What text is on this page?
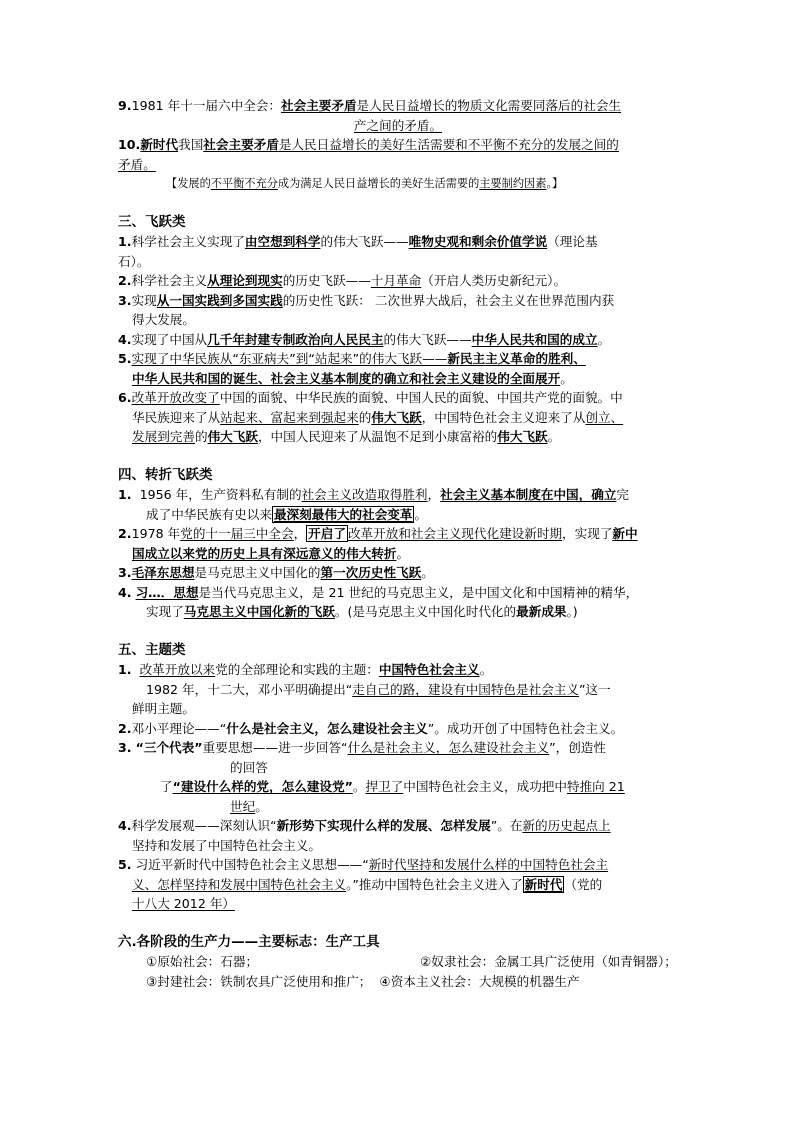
9.1981 年十一届六中全会：社会主要矛盾是人民日益增长的物质文化需要同落后的社会生

产之间的矛盾。

10.新时代我国社会主要矛盾是人民日益增长的美好生活需要和不平衡不充分的发展之间的

矛盾。

【发展的不平衡不充分成为满足人民日益增长的美好生活需要的主要制约因素。】

三、飞跃类

1.科学社会主义实现了由空想到科学的伟大飞跃——唯物史观和剩余价值学说（理论基

石）。

2.科学社会主义从理论到现实的历史飞跃——十月革命（开启人类历史新纪元）。

3.实现从一国实践到多国实践的历史性飞跃： 二次世界大战后，社会主义在世界范围内获

得大发展。

4.实现了中国从几千年封建专制政治向人民民主的伟大飞跃——中华人民共和国的成立。

5.实现了中华民族从“东亚病夫”到“站起来”的伟大飞跃——新民主主义革命的胜利、

中华人民共和国的诞生、社会主义基本制度的确立和社会主义建设的全面展开。

6.改革开放改变了中国的面貌、中华民族的面貌、中国人民的面貌、中国共产党的面貌。中

华民族迎来了从站起来、富起来到强起来的伟大飞跃，中国特色社会主义迎来了从创立、

发展到完善的伟大飞跃，中国人民迎来了从温饱不足到小康富裕的伟大飞跃。

四、转折飞跃类

1. 1956 年，生产资料私有制的社会主义改造取得胜利，社会主义基本制度在中国，确立完

成了中华民族有史以来 最深刻最伟大的社会变革 。

2.1978 年党的十一届三中全会， 开启了 改革开放和社会主义现代化建设新时期，实现了新中

国成立以来党的历史上具有深远意义的伟大转折。

3.毛泽东思想是马克思主义中国化的第一次历史性飞跃。

4. 习…．思想是当代马克思主义，是 21 世纪的马克思主义，是中国文化和中国精神的精华，

实现了马克思主义中国化新的飞跃。(是马克思主义中国化时代化的最新成果。)

五、主题类

1. 改革开放以来党的全部理论和实践的主题：中国特色社会主义。

1982 年，十二大，邓小平明确提出“走自己的路，建设有中国特色是社会主义”这一

鲜明主题。

2.邓小平理论——“什么是社会主义，怎么建设社会主义”。成功开创了中国特色社会主义。

3. “三个代表”重要思想——进一步回答“什么是社会主义，怎么建设社会主义”，创造性

的回答

了“建设什么样的党，怎么建设党”。捍卫了中国特色社会主义，成功把中特推向 21

世纪。

4.科学发展观——深刻认识“新形势下实现什么样的发展、怎样发展”。在新的历史起点上

坚持和发展了中国特色社会主义。

5. 习近平新时代中国特色社会主义思想——“新时代坚持和发展什么样的中国特色社会主

义、怎样坚持和发展中国特色社会主义。”推动中国特色社会主义进入了 新时代 （党的

十八大 2012 年）

六.各阶段的生产力——主要标志：生产工具

①原始社会：石器；	②奴隶社会：金属工具广泛使用（如青铜器）；

③封建社会：铁制农具广泛使用和推广； ④资本主义社会：大规模的机器生产
